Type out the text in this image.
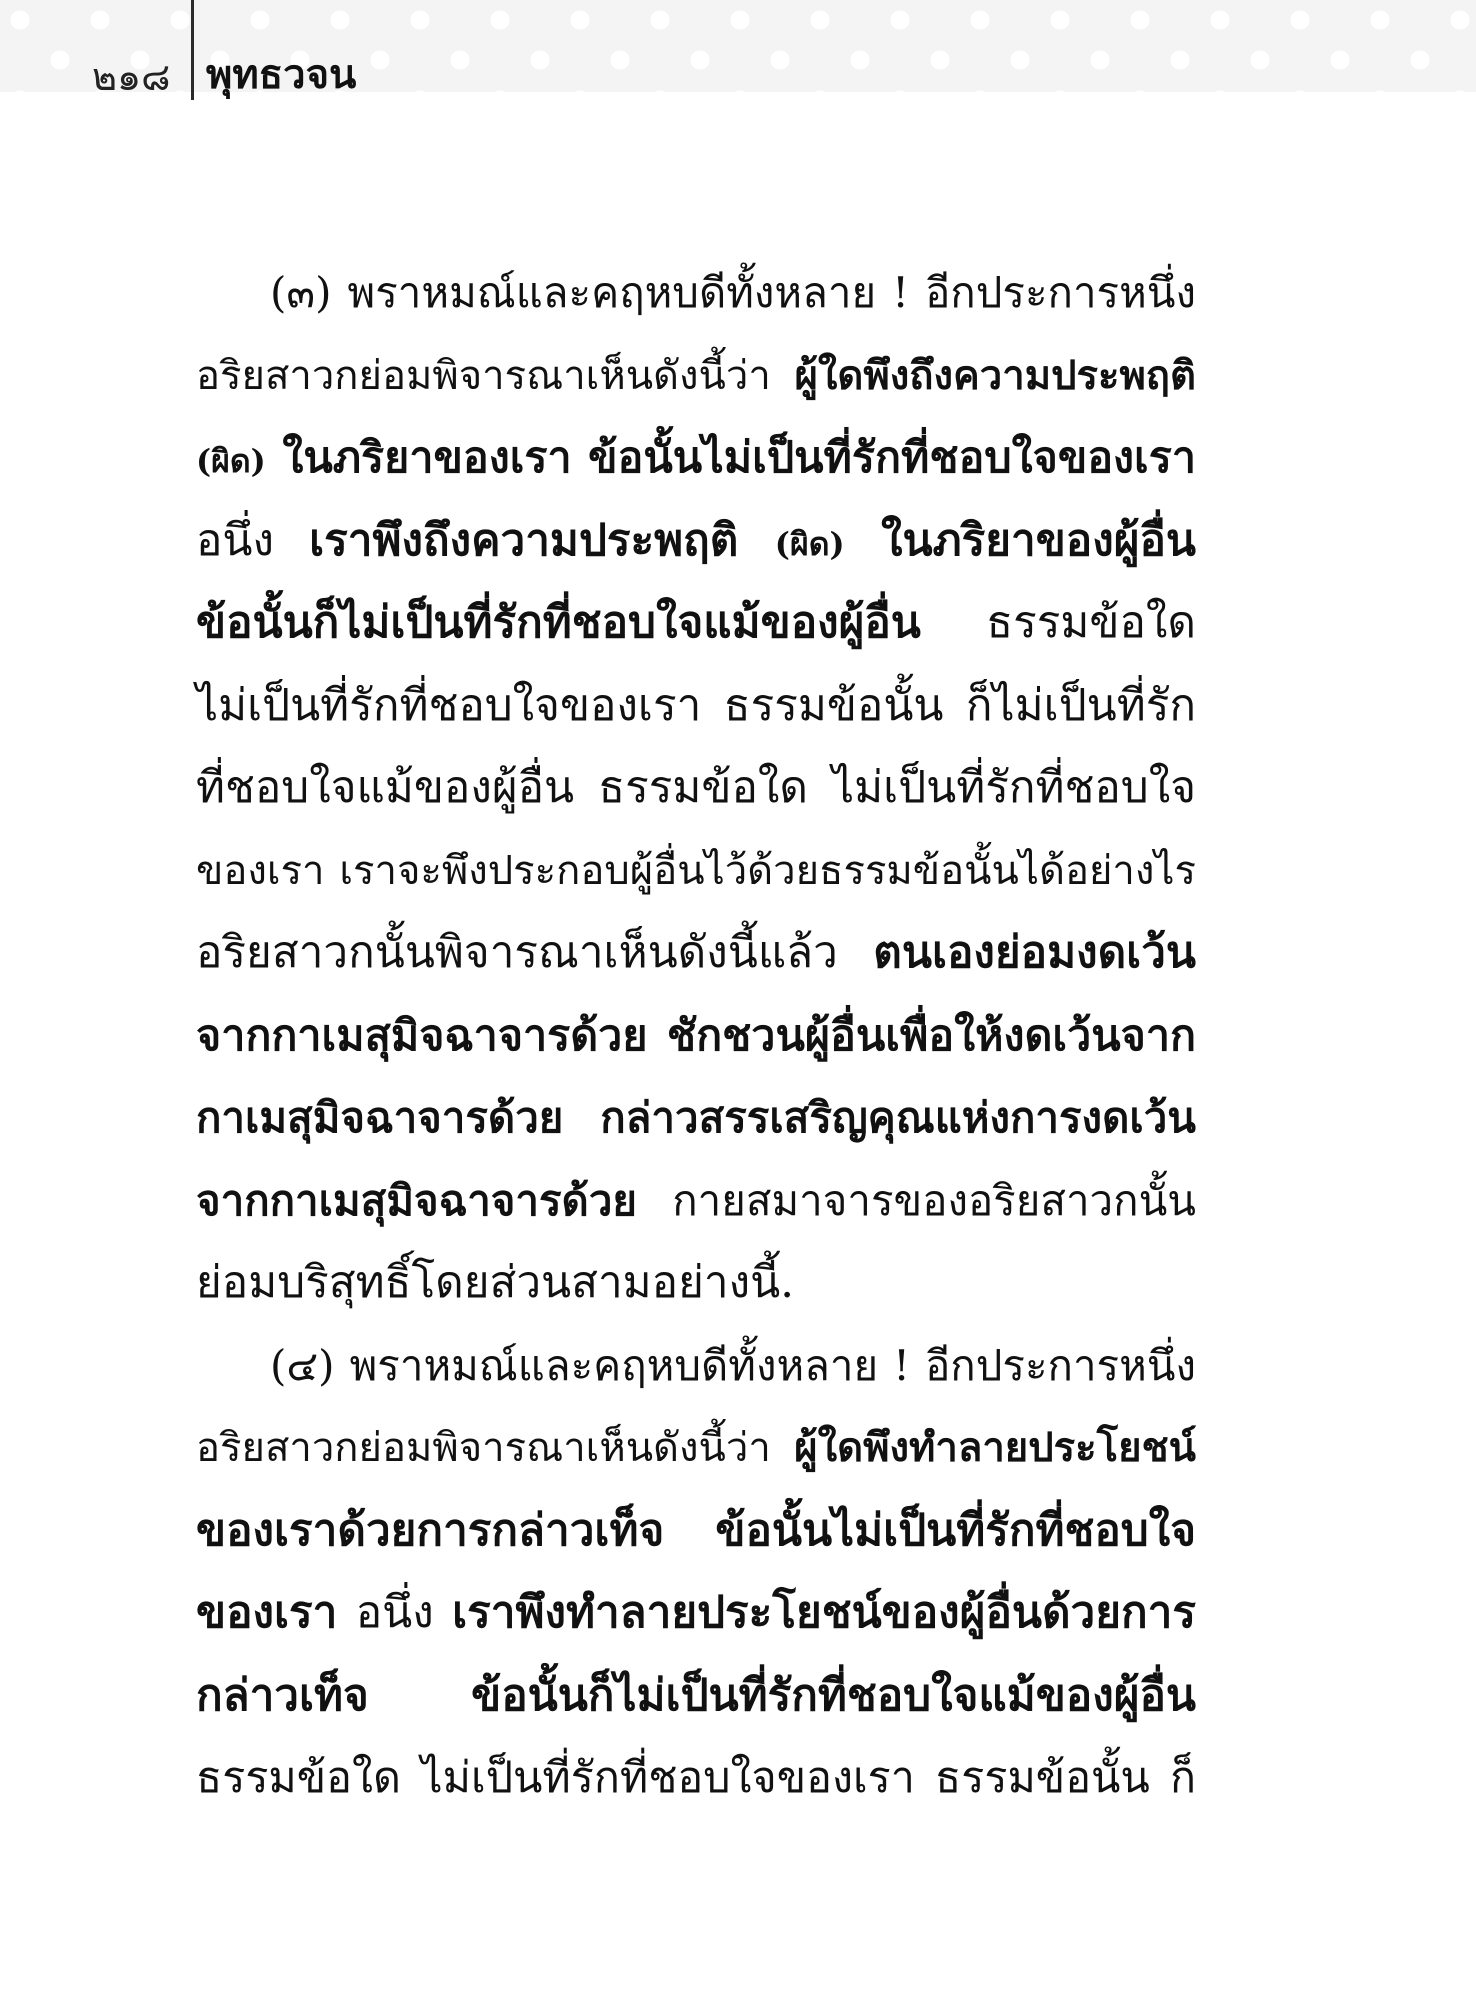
๒๑๘ พุทธวจน
(๓) พราหมณ์และคฤหบดีทั้งหลาย ! อีกประการหนึ่ง
อริยสาวกย่อมพิจารณาเห็นดังนี้ว่า ผู้ใดพึงถึงความประพฤติ
(ผิด) ในภริยาของเรา ข้อนั้นไม่เป็นที่รักที่ชอบใจของเรา
อนึ่ง เราพึงถึงความประพฤติ (ผิด) ในภริยาของผู้อื่น
ข้อนั้นก็ไม่เป็นที่รักที่ชอบใจแม้ของผู้อื่น ธรรมข้อใด
ไม่เป็นที่รักที่ชอบใจของเรา ธรรมข้อนั้น ก็ไม่เป็นที่รัก
ที่ชอบใจแม้ของผู้อื่น ธรรมข้อใด ไม่เป็นที่รักที่ชอบใจ
ของเรา เราจะพึงประกอบผู้อื่นไว้ด้วยธรรมข้อนั้นได้อย่างไร
อริยสาวกนั้นพิจารณาเห็นดังนี้แล้ว ตนเองย่อมงดเว้น
จากกาเมสุมิจฉาจารด้วย ชักชวนผู้อื่นเพื่อให้งดเว้นจาก
กาเมสุมิจฉาจารด้วย กล่าวสรรเสริญคุณแห่งการงดเว้น
จากกาเมสุมิจฉาจารด้วย กายสมาจารของอริยสาวกนั้น
ย่อมบริสุทธิ์โดยส่วนสามอย่างนี้.
(๔) พราหมณ์และคฤหบดีทั้งหลาย ! อีกประการหนึ่ง
อริยสาวกย่อมพิจารณาเห็นดังนี้ว่า ผู้ใดพึงทำลายประโยชน์
ของเราด้วยการกล่าวเท็จ ข้อนั้นไม่เป็นที่รักที่ชอบใจ
ของเรา อนึ่ง เราพึงทำลายประโยชน์ของผู้อื่นด้วยการ
กล่าวเท็จ ข้อนั้นก็ไม่เป็นที่รักที่ชอบใจแม้ของผู้อื่น
ธรรมข้อใด ไม่เป็นที่รักที่ชอบใจของเรา ธรรมข้อนั้น ก็
